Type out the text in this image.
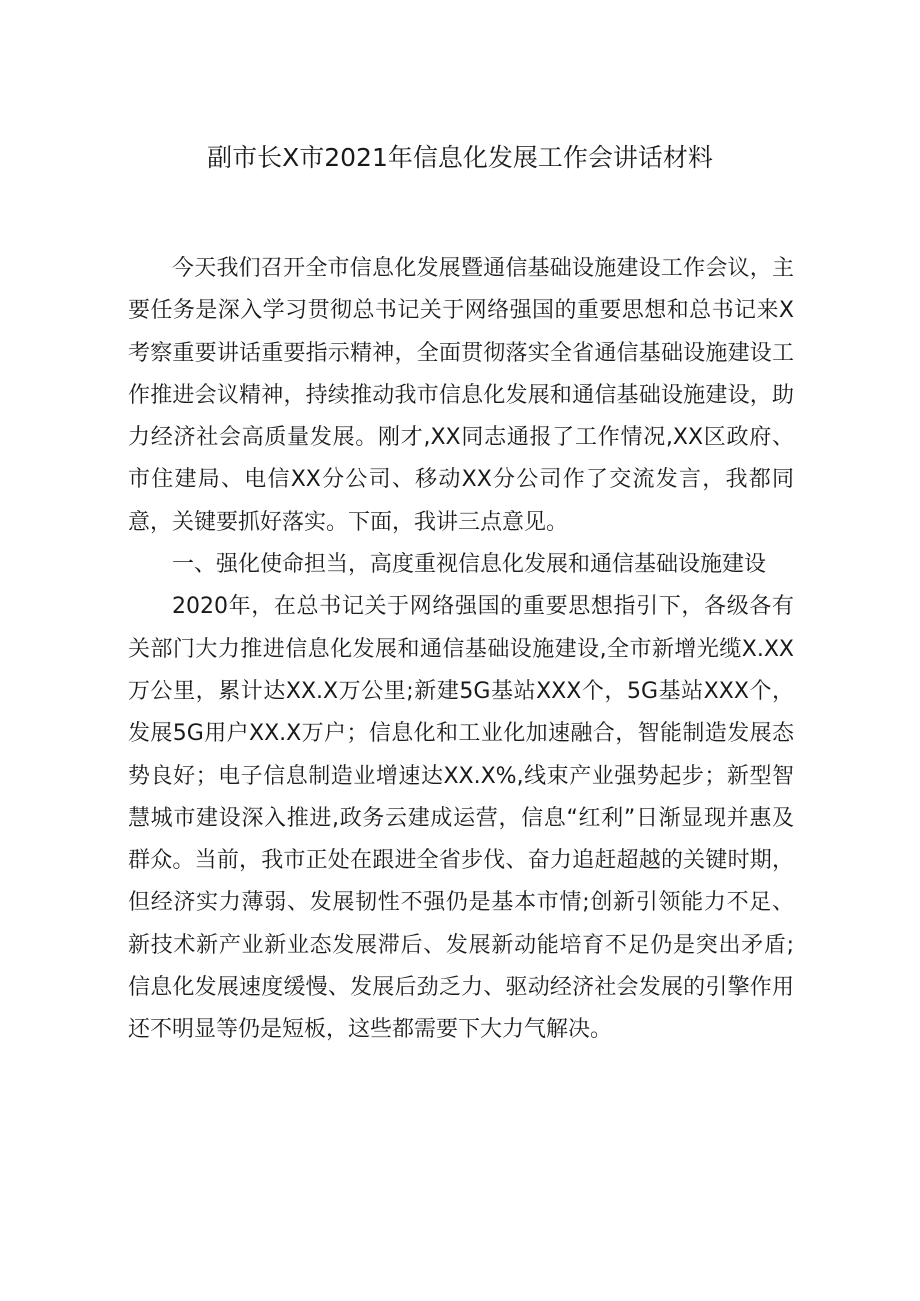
副市长X市2021年信息化发展工作会讲话材料

今天我们召开全市信息化发展暨通信基础设施建设工作会议，主要任务是深入学习贯彻总书记关于网络强国的重要思想和总书记来X考察重要讲话重要指示精神，全面贯彻落实全省通信基础设施建设工作推进会议精神，持续推动我市信息化发展和通信基础设施建设，助力经济社会高质量发展。刚才,XX同志通报了工作情况,XX区政府、市住建局、电信XX分公司、移动XX分公司作了交流发言，我都同意，关键要抓好落实。下面，我讲三点意见。

一、强化使命担当，高度重视信息化发展和通信基础设施建设

2020年，在总书记关于网络强国的重要思想指引下，各级各有关部门大力推进信息化发展和通信基础设施建设,全市新增光缆X.XX万公里，累计达XX.X万公里;新建5G基站XXX个，5G基站XXX个，发展5G用户XX.X万户；信息化和工业化加速融合，智能制造发展态势良好；电子信息制造业增速达XX.X%,线束产业强势起步；新型智慧城市建设深入推进,政务云建成运营，信息“红利”日渐显现并惠及群众。当前，我市正处在跟进全省步伐、奋力追赶超越的关键时期，但经济实力薄弱、发展韧性不强仍是基本市情;创新引领能力不足、新技术新产业新业态发展滞后、发展新动能培育不足仍是突出矛盾;信息化发展速度缓慢、发展后劲乏力、驱动经济社会发展的引擎作用还不明显等仍是短板，这些都需要下大力气解决。
